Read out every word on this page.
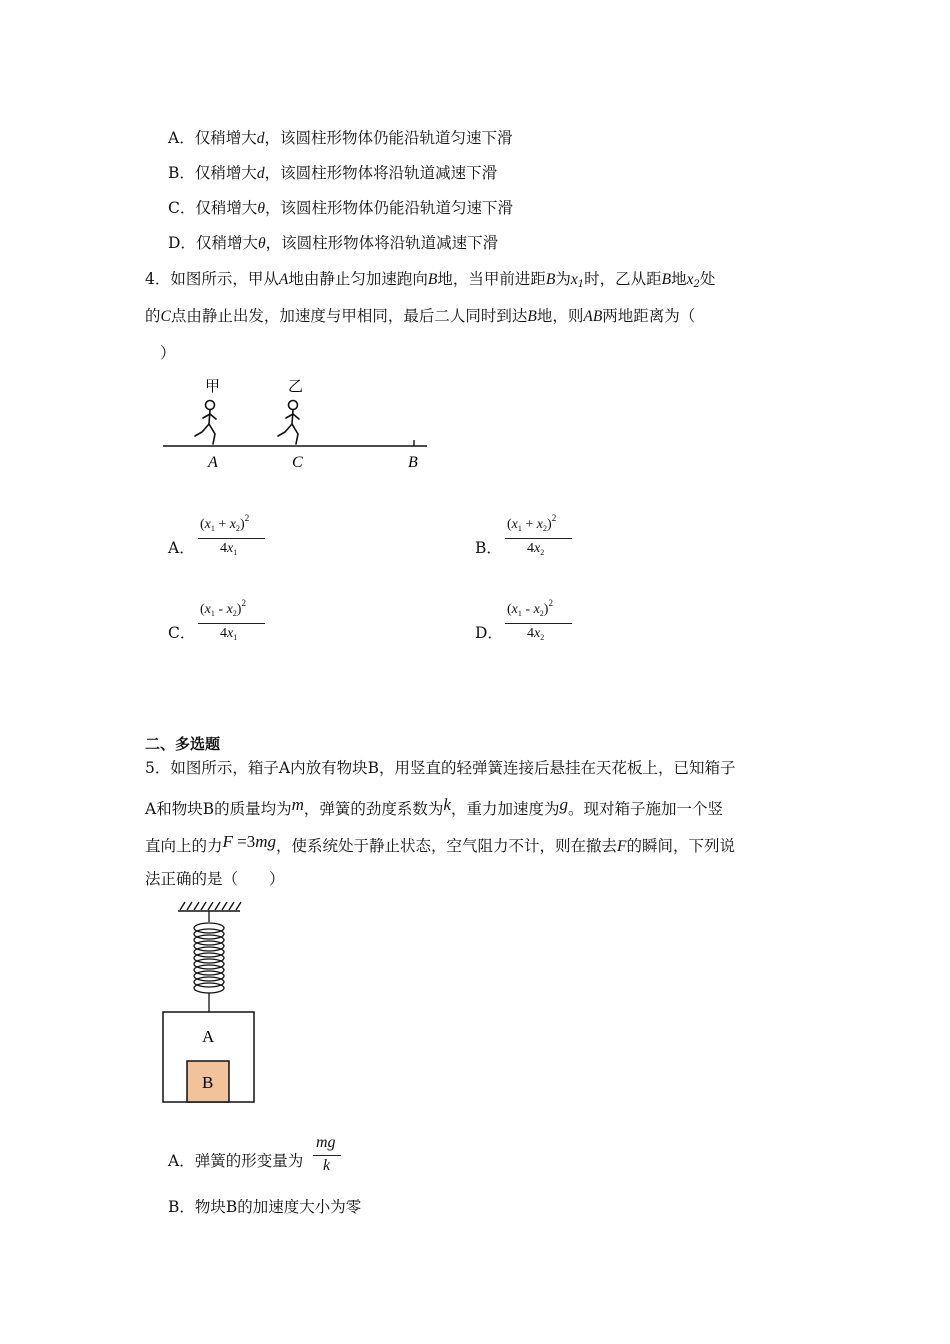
A．仅稍增大d，该圆柱形物体仍能沿轨道匀速下滑
B．仅稍增大d，该圆柱形物体将沿轨道减速下滑
C．仅稍增大θ，该圆柱形物体仍能沿轨道匀速下滑
D．仅稍增大θ，该圆柱形物体将沿轨道减速下滑
4．如图所示，甲从A地由静止匀加速跑向B地，当甲前进距B为$x_1$时，乙从距B地$x_2$处
的C点由静止出发，加速度与甲相同，最后二人同时到达B地，则AB两地距离为（
）
甲	乙
A	C	B
A．
$(x_1 + x_2)^2$
$4x_1$	B．
$(x_1 + x_2)^2$
$4x_2$
C．
$(x_1 - x_2)^2$
$4x_1$	D．
$(x_1 - x_2)^2$
$4x_2$
二、多选题
5．如图所示，箱子A内放有物块B，用竖直的轻弹簧连接后悬挂在天花板上，已知箱子
A和物块B的质量均为m，弹簧的劲度系数为k，重力加速度为g。现对箱子施加一个竖
直向上的力F =3mg，使系统处于静止状态，空气阻力不计，则在撤去F的瞬间，下列说
法正确的是（　　）
A
B
A．弹簧的形变量为
mg
k
B．物块B的加速度大小为零
